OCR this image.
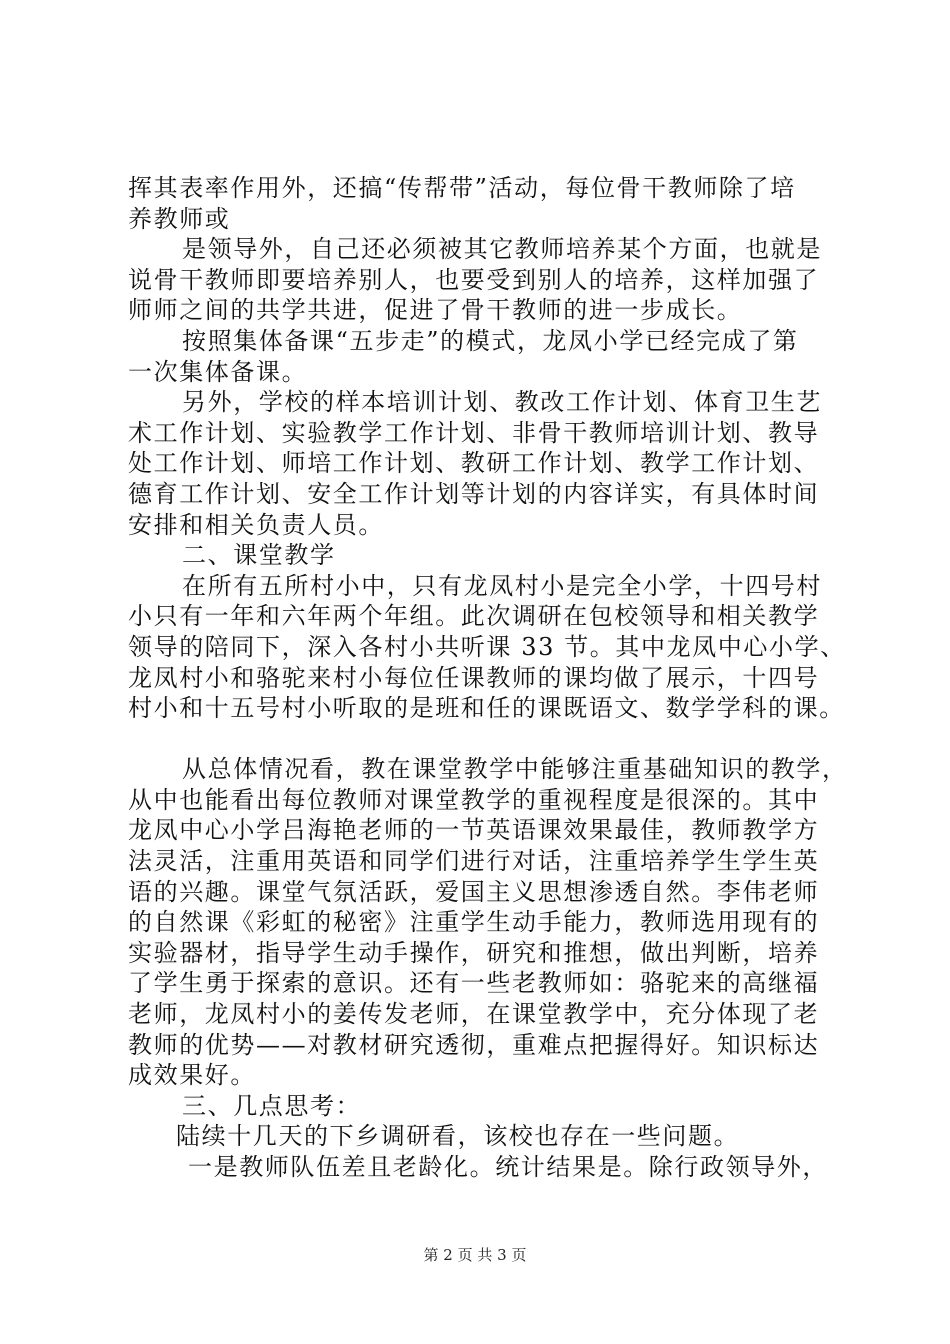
挥其表率作用外，还搞“传帮带”活动，每位骨干教师除了培
养教师或
是领导外，自己还必须被其它教师培养某个方面，也就是
说骨干教师即要培养别人，也要受到别人的培养，这样加强了
师师之间的共学共进，促进了骨干教师的进一步成长。
按照集体备课“五步走”的模式，龙凤小学已经完成了第
一次集体备课。
另外，学校的样本培训计划、教改工作计划、体育卫生艺
术工作计划、实验教学工作计划、非骨干教师培训计划、教导
处工作计划、师培工作计划、教研工作计划、教学工作计划、
德育工作计划、安全工作计划等计划的内容详实，有具体时间
安排和相关负责人员。
二、课堂教学
在所有五所村小中，只有龙凤村小是完全小学，十四号村
小只有一年和六年两个年组。此次调研在包校领导和相关教学
领导的陪同下，深入各村小共听课 33 节。其中龙凤中心小学、
龙凤村小和骆驼来村小每位任课教师的课均做了展示，十四号
村小和十五号村小听取的是班和任的课既语文、数学学科的课。
从总体情况看，教在课堂教学中能够注重基础知识的教学，
从中也能看出每位教师对课堂教学的重视程度是很深的。其中
龙凤中心小学吕海艳老师的一节英语课效果最佳，教师教学方
法灵活，注重用英语和同学们进行对话，注重培养学生学生英
语的兴趣。课堂气氛活跃，爱国主义思想渗透自然。李伟老师
的自然课《彩虹的秘密》注重学生动手能力，教师选用现有的
实验器材，指导学生动手操作，研究和推想，做出判断，培养
了学生勇于探索的意识。还有一些老教师如：骆驼来的高继福
老师，龙凤村小的姜传发老师，在课堂教学中，充分体现了老
教师的优势——对教材研究透彻，重难点把握得好。知识标达
成效果好。
三、几点思考：
陆续十几天的下乡调研看，该校也存在一些问题。
一是教师队伍差且老龄化。统计结果是。除行政领导外，
第 2 页 共 3 页
